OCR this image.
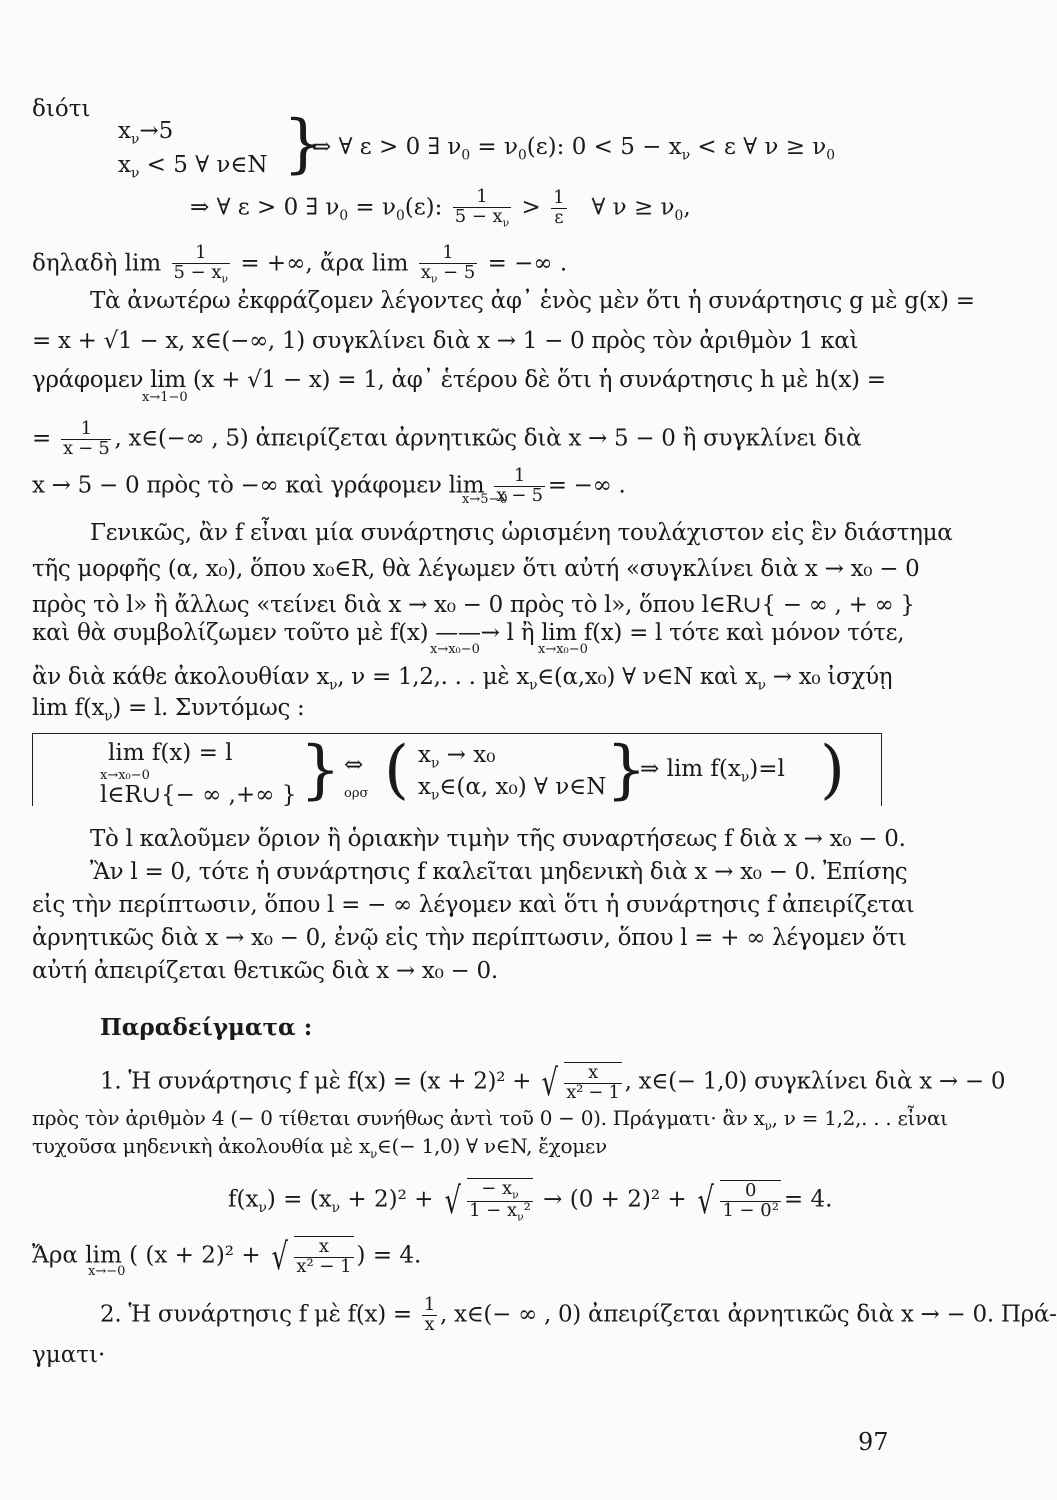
διότι
$x_\nu\to 5$
$x_\nu < 5$ ∀ ν∈N }
⇒ ∀ ε > 0 ∃ $\nu_0 = \nu_0(\varepsilon)$: $0 < 5 - x_\nu < \varepsilon$ ∀ $\nu \ge \nu_0$
⇒ ∀ ε > 0 ∃ $\nu_0 = \nu_0(\varepsilon)$: $\frac{1}{5 - x_\nu} > \frac{1}{\varepsilon}$ ∀ $\nu \ge \nu_0$,
δηλαδὴ $\lim \frac{1}{5 - x_\nu}$ = +∞, ἄρα $\lim \frac{1}{x_\nu - 5}$ = −∞ .
Τὰ ἀνωτέρω ἐκφράζομεν λέγοντες ἀφ᾽ ἑνὸς μὲν ὅτι ἡ συνάρτησις g μὲ g(x) =
= x + √1 − x, x∈(−∞, 1) συγκλίνει διὰ x → 1 − 0 πρὸς τὸν ἀριθμὸν 1 καὶ
γράφομεν lim (x + √1 − x) = 1, ἀφ᾽ ἑτέρου δὲ ὅτι ἡ συνάρτησις h μὲ h(x) =
x→1−0
= $\frac{1}{x - 5}$ , x∈(−∞ , 5) ἀπειρίζεται ἀρνητικῶς διὰ x → 5 − 0 ἢ συγκλίνει διὰ
x → 5 − 0 πρὸς τὸ −∞ καὶ γράφομεν $\lim \frac{1}{x - 5}$ = −∞ .
x→5−0
Γενικῶς, ἂν f εἶναι μία συνάρτησις ὡρισμένη τουλάχιστον εἰς ἓν διάστημα
τῆς μορφῆς (α, x₀), ὅπου x₀∈R, θὰ λέγωμεν ὅτι αὐτή «συγκλίνει διὰ x → x₀ − 0
πρὸς τὸ l» ἢ ἄλλως «τείνει διὰ x → x₀ − 0 πρὸς τὸ l», ὅπου l∈R∪{ − ∞ , + ∞ }
καὶ θὰ συμβολίζωμεν τοῦτο μὲ f(x) ——→ l ἢ lim f(x) = l τότε καὶ μόνον τότε,
x→x₀−0	x→x₀−0
ἂν διὰ κάθε ἀκολουθίαν $x_\nu$, ν = 1,2,. . . μὲ $x_\nu\in(\alpha,x_0)$ ∀ ν∈N καὶ $x_\nu \to x_0$ ἰσχύῃ
$\lim f(x_\nu) = l$. Συντόμως :
lim f(x) = l
x→x₀−0
l∈R∪{− ∞ ,+∞ } } ⇔
ορσ ( $x_\nu \to x_0$
$x_\nu\in(\alpha$, x₀) ∀ ν∈N }
⇒ $\lim f(x_\nu)=l$ )
Τὸ l καλοῦμεν ὅριον ἢ ὁριακὴν τιμὴν τῆς συναρτήσεως f διὰ x → x₀ − 0.
Ἂν l = 0, τότε ἡ συνάρτησις f καλεῖται μηδενικὴ διὰ x → x₀ − 0. Ἐπίσης
εἰς τὴν περίπτωσιν, ὅπου l = − ∞ λέγομεν καὶ ὅτι ἡ συνάρτησις f ἀπειρίζεται
ἀρνητικῶς διὰ x → x₀ − 0, ἐνῷ εἰς τὴν περίπτωσιν, ὅπου l = + ∞ λέγομεν ὅτι
αὐτή ἀπειρίζεται θετικῶς διὰ x → x₀ − 0.
Παραδείγματα :
1. Ἡ συνάρτησις f μὲ f(x) = (x + 2)² + √ $\frac{x}{\text{x² − 1}}$ , x∈(− 1,0) συγκλίνει διὰ x → − 0
πρὸς τὸν ἀριθμὸν 4 (− 0 τίθεται συνήθως ἀντὶ τοῦ 0 − 0). Πράγματι· ἂν $x_\nu$, ν = 1,2,. . . εἶναι
τυχοῦσα μηδενικὴ ἀκολουθία μὲ $x_\nu\in(- 1,0)$ ∀ ν∈N, ἔχομεν
$f(x_\nu) = (x_\nu + 2)^2$ + √ $\frac{- x_\nu}{1 - x_\nu^2} \to (0 + 2)^2$ + √ $\frac{0}{\text{1 − 0²}} = 4$.
Ἄρα lim ( (x + 2)² + √ $\frac{x}{\text{x² − 1}}$ ) = 4.
x→−0
2. Ἡ συνάρτησις f μὲ $f(x) = \frac{1}{x}$ , x∈(− ∞ , 0) ἀπειρίζεται ἀρνητικῶς διὰ x → − 0. Πρά-
γματι·
97
